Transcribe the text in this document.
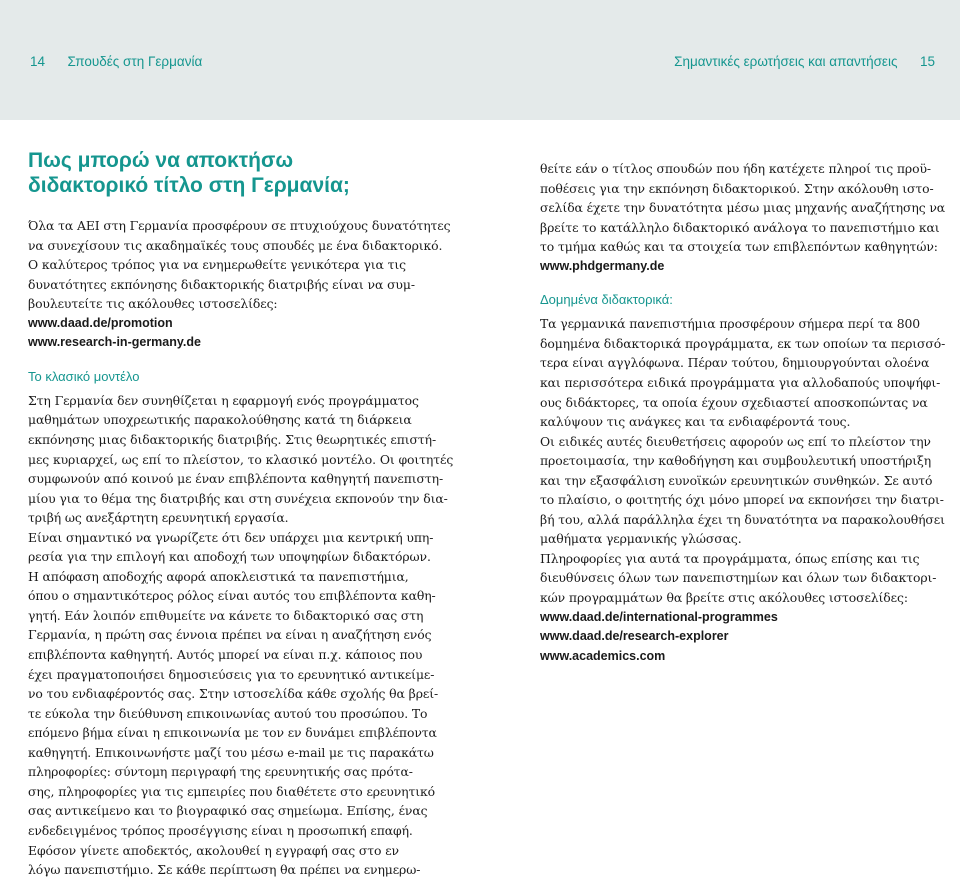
14 Σπουδές στη Γερμανία	Σημαντικές ερωτήσεις και απαντήσεις 15
Πως μπορώ να αποκτήσω
διδακτορικό τίτλο στη Γερμανία;
Όλα τα ΑΕΙ στη Γερμανία προσφέρουν σε πτυχιούχους δυνατότητες
να συνεχίσουν τις ακαδημαϊκές τους σπουδές με ένα διδακτορικό.
Ο καλύτερος τρόπος για να ενημερωθείτε γενικότερα για τις
δυνατότητες εκπόνησης διδακτορικής διατριβής είναι να συμ-
βουλευτείτε τις ακόλουθες ιστοσελίδες:
www.daad.de/promotion
www.research-in-germany.de
Το κλασικό μοντέλο
Στη Γερμανία δεν συνηθίζεται η εφαρμογή ενός προγράμματος
μαθημάτων υποχρεωτικής παρακολούθησης κατά τη διάρκεια
εκπόνησης μιας διδακτορικής διατριβής. Στις θεωρητικές επιστή-
μες κυριαρχεί, ως επί το πλείστον, το κλασικό μοντέλο. Οι φοιτητές
συμφωνούν από κοινού με έναν επιβλέποντα καθηγητή πανεπιστη-
μίου για το θέμα της διατριβής και στη συνέχεια εκπονούν την δια-
τριβή ως ανεξάρτητη ερευνητική εργασία.
Είναι σημαντικό να γνωρίζετε ότι δεν υπάρχει μια κεντρική υπη-
ρεσία για την επιλογή και αποδοχή των υποψηφίων διδακτόρων.
Η απόφαση αποδοχής αφορά αποκλειστικά τα πανεπιστήμια,
όπου ο σημαντικότερος ρόλος είναι αυτός του επιβλέποντα καθη-
γητή. Εάν λοιπόν επιθυμείτε να κάνετε το διδακτορικό σας στη
Γερμανία, η πρώτη σας έννοια πρέπει να είναι η αναζήτηση ενός
επιβλέποντα καθηγητή. Αυτός μπορεί να είναι π.χ. κάποιος που
έχει πραγματοποιήσει δημοσιεύσεις για το ερευνητικό αντικείμε-
νο του ενδιαφέροντός σας. Στην ιστοσελίδα κάθε σχολής θα βρεί-
τε εύκολα την διεύθυνση επικοινωνίας αυτού του προσώπου. Το
επόμενο βήμα είναι η επικοινωνία με τον εν δυνάμει επιβλέποντα
καθηγητή. Επικοινωνήστε μαζί του μέσω e-mail με τις παρακάτω
πληροφορίες: σύντομη περιγραφή της ερευνητικής σας πρότα-
σης, πληροφορίες για τις εμπειρίες που διαθέτετε στο ερευνητικό
σας αντικείμενο και το βιογραφικό σας σημείωμα. Επίσης, ένας
ενδεδειγμένος τρόπος προσέγγισης είναι η προσωπική επαφή.
Εφόσον γίνετε αποδεκτός, ακολουθεί η εγγραφή σας στο εν
λόγω πανεπιστήμιο. Σε κάθε περίπτωση θα πρέπει να ενημερω-
θείτε εάν ο τίτλος σπουδών που ήδη κατέχετε πληροί τις προϋ-
ποθέσεις για την εκπόνηση διδακτορικού. Στην ακόλουθη ιστο-
σελίδα έχετε την δυνατότητα μέσω μιας μηχανής αναζήτησης να
βρείτε το κατάλληλο διδακτορικό ανάλογα το πανεπιστήμιο και
το τμήμα καθώς και τα στοιχεία των επιβλεπόντων καθηγητών:
www.phdgermany.de
Δομημένα διδακτορικά:
Τα γερμανικά πανεπιστήμια προσφέρουν σήμερα περί τα 800
δομημένα διδακτορικά προγράμματα, εκ των οποίων τα περισσό-
τερα είναι αγγλόφωνα. Πέραν τούτου, δημιουργούνται ολοένα
και περισσότερα ειδικά προγράμματα για αλλοδαπούς υποψήφι-
ους διδάκτορες, τα οποία έχουν σχεδιαστεί αποσκοπώντας να
καλύψουν τις ανάγκες και τα ενδιαφέροντά τους.
Οι ειδικές αυτές διευθετήσεις αφορούν ως επί το πλείστον την
προετοιμασία, την καθοδήγηση και συμβουλευτική υποστήριξη
και την εξασφάλιση ευνοϊκών ερευνητικών συνθηκών. Σε αυτό
το πλαίσιο, ο φοιτητής όχι μόνο μπορεί να εκπονήσει την διατρι-
βή του, αλλά παράλληλα έχει τη δυνατότητα να παρακολουθήσει
μαθήματα γερμανικής γλώσσας.
Πληροφορίες για αυτά τα προγράμματα, όπως επίσης και τις
διευθύνσεις όλων των πανεπιστημίων και όλων των διδακτορι-
κών προγραμμάτων θα βρείτε στις ακόλουθες ιστοσελίδες:
www.daad.de/international-programmes
www.daad.de/research-explorer
www.academics.com
